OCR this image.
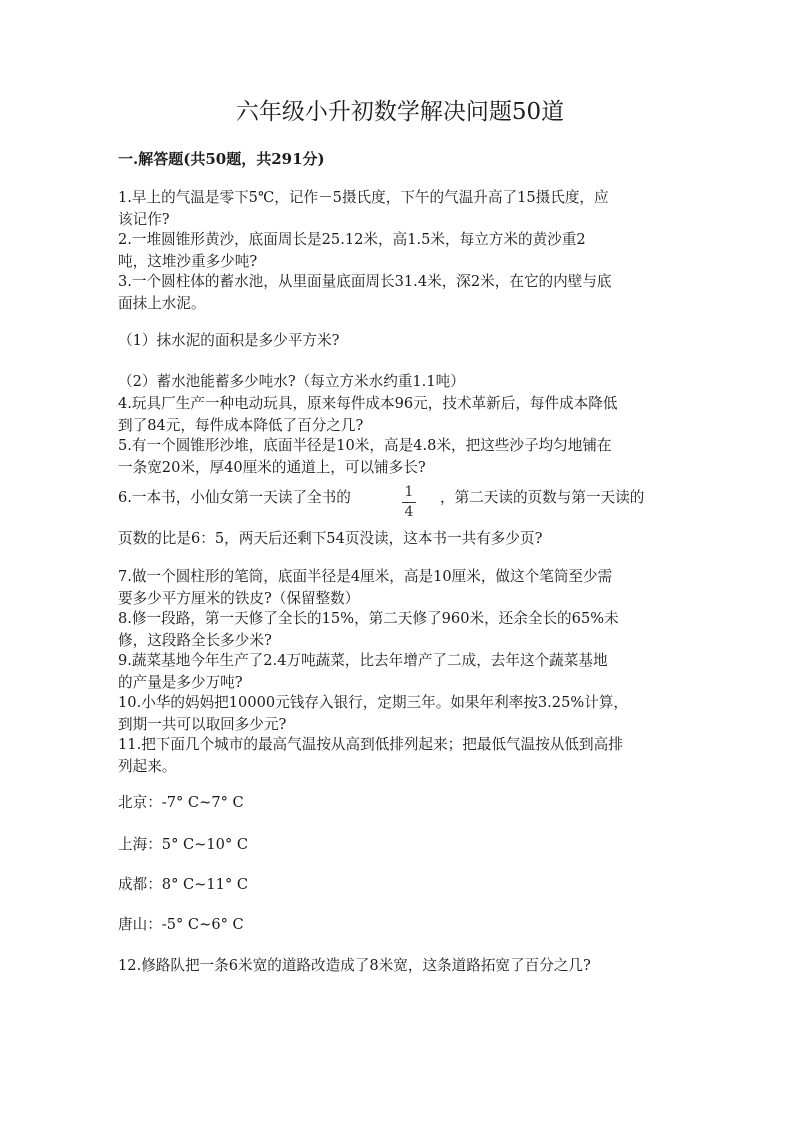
六年级小升初数学解决问题50道
一.解答题(共50题，共291分)
1.早上的气温是零下5℃，记作－5摄氏度，下午的气温升高了15摄氏度，应
该记作?
2.一堆圆锥形黄沙，底面周长是25.12米，高1.5米，每立方米的黄沙重2
吨，这堆沙重多少吨?
3.一个圆柱体的蓄水池，从里面量底面周长31.4米，深2米，在它的内壁与底
面抹上水泥。
（1）抹水泥的面积是多少平方米?
（2）蓄水池能蓄多少吨水?（每立方米水约重1.1吨）
4.玩具厂生产一种电动玩具，原来每件成本96元，技术革新后，每件成本降低
到了84元，每件成本降低了百分之几?
5.有一个圆锥形沙堆，底面半径是10米，高是4.8米，把这些沙子均匀地铺在
一条宽20米，厚40厘米的通道上，可以铺多长?
6.一本书，小仙女第一天读了全书的	1
4
，第二天读的页数与第一天读的
页数的比是6：5，两天后还剩下54页没读，这本书一共有多少页?
7.做一个圆柱形的笔筒，底面半径是4厘米，高是10厘米，做这个笔筒至少需
要多少平方厘米的铁皮?（保留整数）
8.修一段路，第一天修了全长的15%，第二天修了960米，还余全长的65%未
修，这段路全长多少米?
9.蔬菜基地今年生产了2.4万吨蔬菜，比去年增产了二成，去年这个蔬菜基地
的产量是多少万吨?
10.小华的妈妈把10000元钱存入银行，定期三年。如果年利率按3.25%计算，
到期一共可以取回多少元?
11.把下面几个城市的最高气温按从高到低排列起来；把最低气温按从低到高排
列起来。
北京：-7° C~7° C
上海：5° C~10° C
成都：8° C~11° C
唐山：-5° C~6° C
12.修路队把一条6米宽的道路改造成了8米宽，这条道路拓宽了百分之几?
